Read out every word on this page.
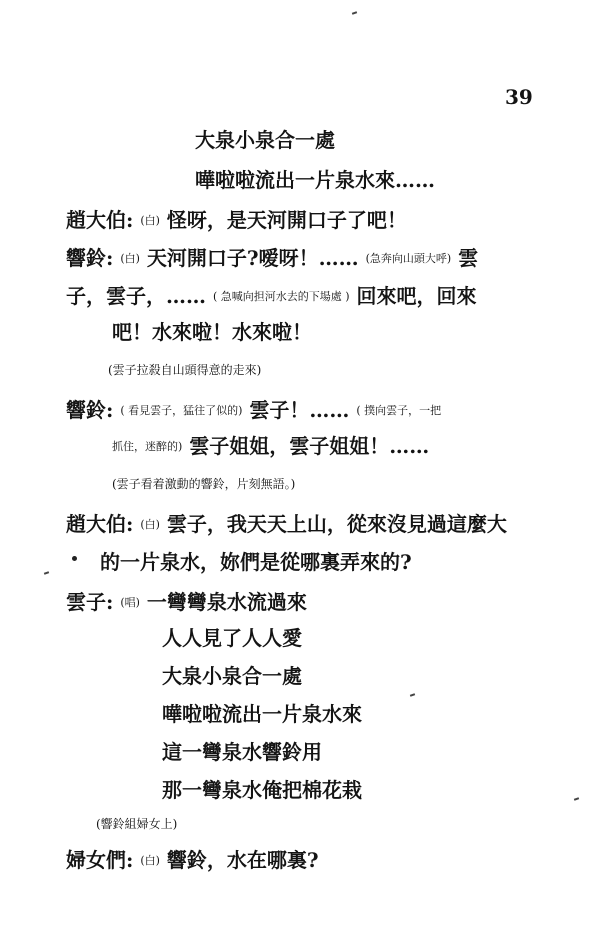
39
大泉小泉合一處
嘩啦啦流出一片泉水來……
趙大伯: (白) 怪呀，是天河開口子了吧！
響鈴: (白) 天河開口子?嗳呀！…… (急奔向山頭大呼) 雲
子，雲子，…… ( 急喊向担河水去的下場處 ) 回來吧，回來
吧！水來啦！水來啦！
(雲子拉殺自山頭得意的走來)
響鈴: ( 看見雲子，猛往了似的) 雲子！…… ( 撲向雲子，一把
抓住，迷醉的) 雲子姐姐，雲子姐姐！……
(雲子看着激動的響鈴，片刻無語。)
趙大伯: (白) 雲子，我天天上山，從來沒見過這麼大
的一片泉水，妳們是從哪裏弄來的?
雲子: (唱) 一彎彎泉水流過來
人人見了人人愛
大泉小泉合一處
嘩啦啦流出一片泉水來
這一彎泉水響鈴用
那一彎泉水俺把棉花栽
(響鈴組婦女上)
婦女們: (白) 響鈴，水在哪裏?
